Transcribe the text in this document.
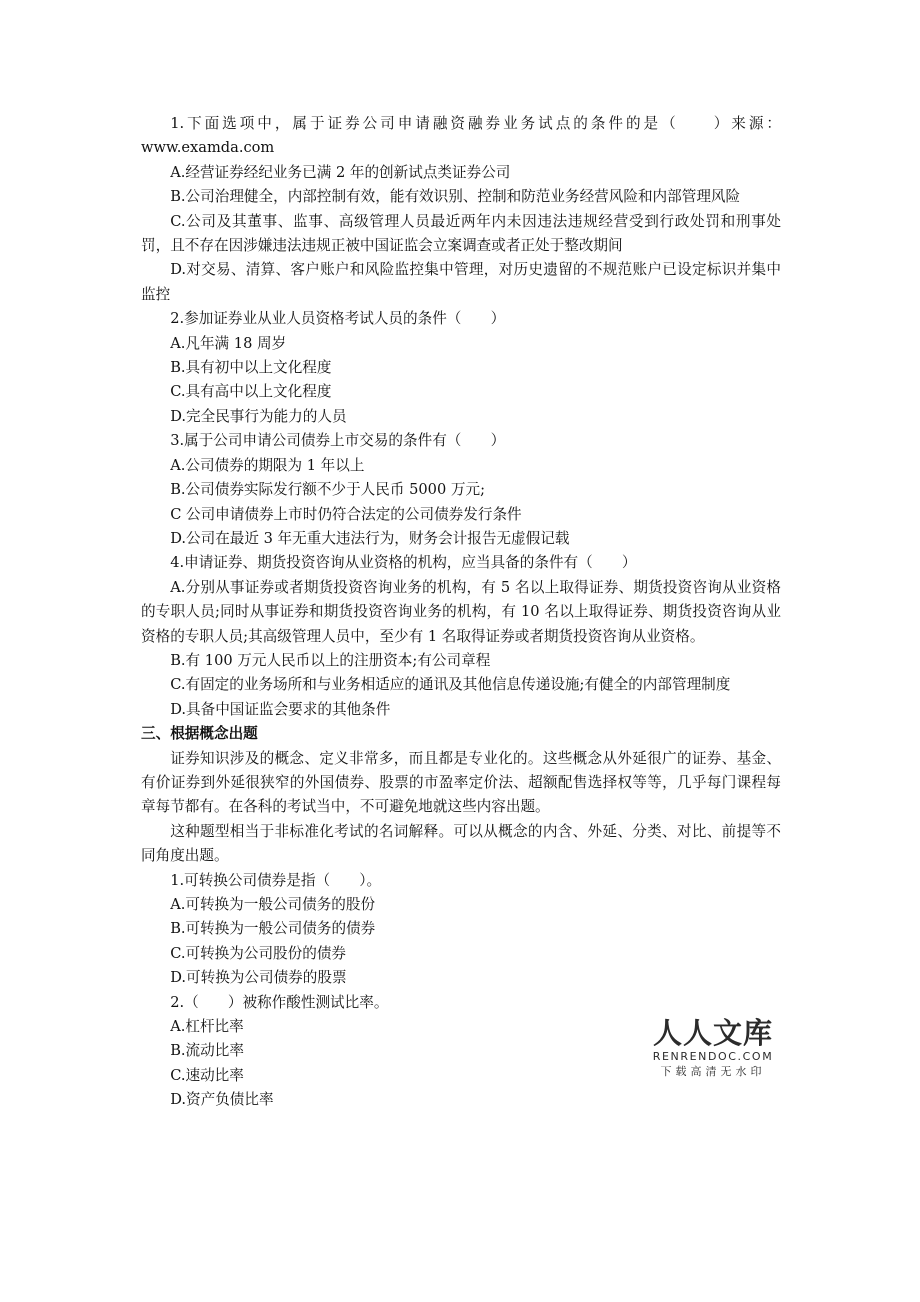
1.下面选项中，属于证券公司申请融资融券业务试点的条件的是（　　）来源：www.examda.com

A.经营证券经纪业务已满 2 年的创新试点类证券公司

B.公司治理健全，内部控制有效，能有效识别、控制和防范业务经营风险和内部管理风险

C.公司及其董事、监事、高级管理人员最近两年内未因违法违规经营受到行政处罚和刑事处罚，且不存在因涉嫌违法违规正被中国证监会立案调查或者正处于整改期间

D.对交易、清算、客户账户和风险监控集中管理，对历史遗留的不规范账户已设定标识并集中监控

2.参加证券业从业人员资格考试人员的条件（　　）

A.凡年满 18 周岁

B.具有初中以上文化程度

C.具有高中以上文化程度

D.完全民事行为能力的人员

3.属于公司申请公司债券上市交易的条件有（　　）

A.公司债券的期限为 1 年以上

B.公司债券实际发行额不少于人民币 5000 万元;

C 公司申请债券上市时仍符合法定的公司债券发行条件

D.公司在最近 3 年无重大违法行为，财务会计报告无虚假记载

4.申请证券、期货投资咨询从业资格的机构，应当具备的条件有（　　）

A.分别从事证券或者期货投资咨询业务的机构，有 5 名以上取得证券、期货投资咨询从业资格的专职人员;同时从事证券和期货投资咨询业务的机构，有 10 名以上取得证券、期货投资咨询从业资格的专职人员;其高级管理人员中，至少有 1 名取得证券或者期货投资咨询从业资格。

B.有 100 万元人民币以上的注册资本;有公司章程

C.有固定的业务场所和与业务相适应的通讯及其他信息传递设施;有健全的内部管理制度

D.具备中国证监会要求的其他条件

三、根据概念出题

证券知识涉及的概念、定义非常多，而且都是专业化的。这些概念从外延很广的证券、基金、有价证券到外延很狭窄的外国债券、股票的市盈率定价法、超额配售选择权等等，几乎每门课程每章每节都有。在各科的考试当中，不可避免地就这些内容出题。

这种题型相当于非标准化考试的名词解释。可以从概念的内含、外延、分类、对比、前提等不同角度出题。

1.可转换公司债券是指（　　）。

A.可转换为一般公司债务的股份

B.可转换为一般公司债务的债券

C.可转换为公司股份的债券

D.可转换为公司债券的股票

2.（　　）被称作酸性测试比率。

A.杠杆比率

B.流动比率

C.速动比率

D.资产负债比率

人人文库
RENRENDOC.COM
下载高清无水印
